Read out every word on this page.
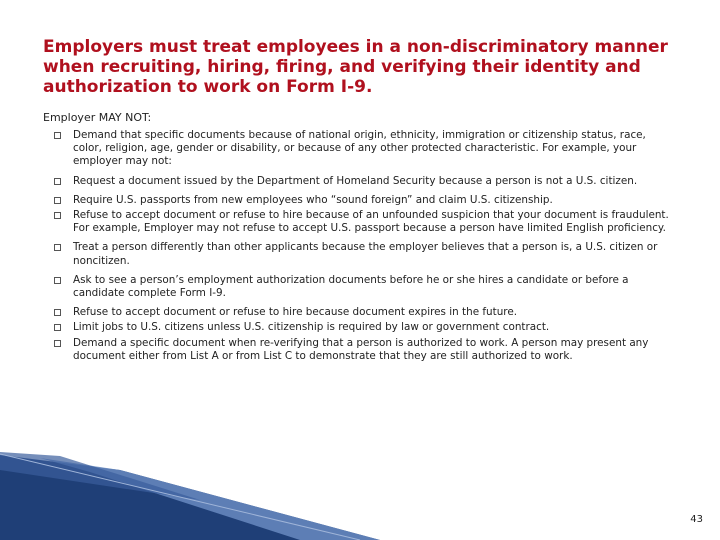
Employers must treat employees in a non-discriminatory manner when recruiting, hiring, firing, and verifying their identity and authorization to work on Form I-9.

Employer MAY NOT:

Demand that specific documents because of national origin, ethnicity, immigration or citizenship status, race, color, religion, age, gender or disability, or because of any other protected characteristic. For example, your employer may not:
Request a document issued by the Department of Homeland Security because a person is not a U.S. citizen.
Require U.S. passports from new employees who “sound foreign” and claim U.S. citizenship.
Refuse to accept document or refuse to hire because of an unfounded suspicion that your document is fraudulent. For example, Employer may not refuse to accept U.S. passport because a person have limited English proficiency.
Treat a person differently than other applicants because the employer believes that a person is, a U.S. citizen or noncitizen.
Ask to see a person’s employment authorization documents before he or she hires a candidate or before a candidate complete Form I-9.
Refuse to accept document or refuse to hire because document expires in the future.
Limit jobs to U.S. citizens unless U.S. citizenship is required by law or government contract.
Demand a specific document when re-verifying that a person is authorized to work. A person may present any document either from List A or from List C to demonstrate that they are still authorized to work.
43
